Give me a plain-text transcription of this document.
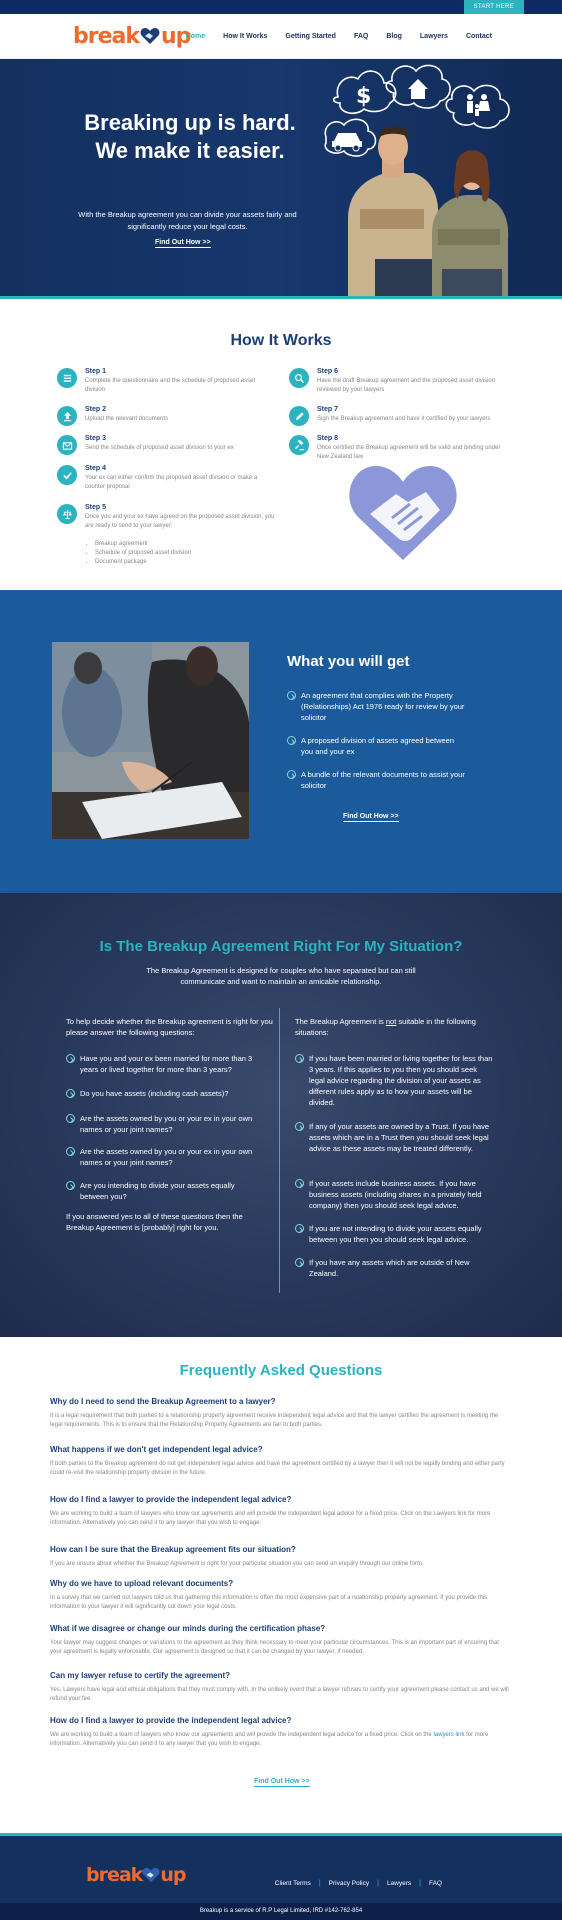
START HERE
break up
Home	How It Works	Getting Started	FAQ	Blog	Lawyers	Contact
Breaking up is hard.
We make it easier.

With the Breakup agreement you can divide your assets fairly and significantly reduce your legal costs.

Find Out How >>
$
How It Works
Step 1
Complete the questionnaire and the schedule of proposed asset division
Step 2
Upload the relevant documents
Step 3
Send the schedule of proposed asset division to your ex
Step 4
Your ex can either confirm the proposed asset division or make a counter proposal
Step 5
Once you and your ex have agreed on the proposed asset division, you are ready to send to your lawyer:
• Breakup agreement
• Schedule of proposed asset division
• Document package
Step 6
Have the draft Breakup agreement and the proposed asset division reviewed by your lawyers
Step 7
Sign the Breakup agreement and have it certified by your lawyers
Step 8
Once certified the Breakup agreement will be valid and binding under New Zealand law
What you will get
An agreement that complies with the Property (Relationships) Act 1976 ready for review by your solicitor
A proposed division of assets agreed between you and your ex
A bundle of the relevant documents to assist your solicitor
Find Out How >>
Is The Breakup Agreement Right For My Situation?

The Breakup Agreement is designed for couples who have separated but can still communicate and want to maintain an amicable relationship.

To help decide whether the Breakup agreement is right for you please answer the following questions:

The Breakup Agreement is not suitable in the following situations:

Have you and your ex been married for more than 3 years or lived together for more than 3 years?
Do you have assets (including cash assets)?
Are the assets owned by you or your ex in your own names or your joint names?
Are the assets owned by you or your ex in your own names or your joint names?
Are you intending to divide your assets equally between you?

If you answered yes to all of these questions then the Breakup Agreement is [probably] right for you.

If you have been married or living together for less than 3 years. If this applies to you then you should seek legal advice regarding the division of your assets as different rules apply as to how your assets will be divided.
If any of your assets are owned by a Trust. If you have assets which are in a Trust then you should seek legal advice as these assets may be treated differently.
If your assets include business assets. If you have business assets (including shares in a privately held company) then you should seek legal advice.
If you are not intending to divide your assets equally between you then you should seek legal advice.
If you have any assets which are outside of New Zealand.
Frequently Asked Questions
Why do I need to send the Breakup Agreement to a lawyer?
It is a legal requirement that both parties to a relationship property agreement receive independent legal advice and that the lawyer certifies the agreement is meeting the legal requirements. This is to ensure that the Relationship Property Agreements are fair to both parties.
What happens if we don't get independent legal advice?
If both parties to the Breakup agreement do not get independent legal advice and have the agreement certified by a lawyer then it will not be legally binding and either party could re-visit the relationship property division in the future.
How do I find a lawyer to provide the independent legal advice?
We are working to build a team of lawyers who know our agreements and will provide the independent legal advice for a fixed price. Click on the Lawyers link for more information. Alternatively you can send it to any lawyer that you wish to engage.
How can I be sure that the Breakup agreement fits our situation?
If you are unsure about whether the Breakup Agreement is right for your particular situation you can send an enquiry through our online form.
Why do we have to upload relevant documents?
In a survey that we carried out lawyers told us that gathering this information is often the most expensive part of a relationship property agreement. If you provide this information to your lawyer it will significantly cut down your legal costs.
What if we disagree or change our minds during the certification phase?
Your lawyer may suggest changes or variations to the agreement as they think necessary to meet your particular circumstances. This is an important part of ensuring that your agreement is legally enforceable. Our agreement is designed so that it can be changed by your lawyer, if needed.
Can my lawyer refuse to certify the agreement?
Yes. Lawyers have legal and ethical obligations that they must comply with. In the unlikely event that a lawyer refuses to certify your agreement please contact us and we will refund your fee.
How do I find a lawyer to provide the independent legal advice?
We are working to build a team of lawyers who know our agreements and will provide the independent legal advice for a fixed price. Click on the lawyers link for more information. Alternatively you can send it to any lawyer that you wish to engage.
Find Out How >>
break up	Client Terms | Privacy Policy | Lawyers | FAQ
Breakup is a service of R.P Legal Limited, IRD #142-762-854
